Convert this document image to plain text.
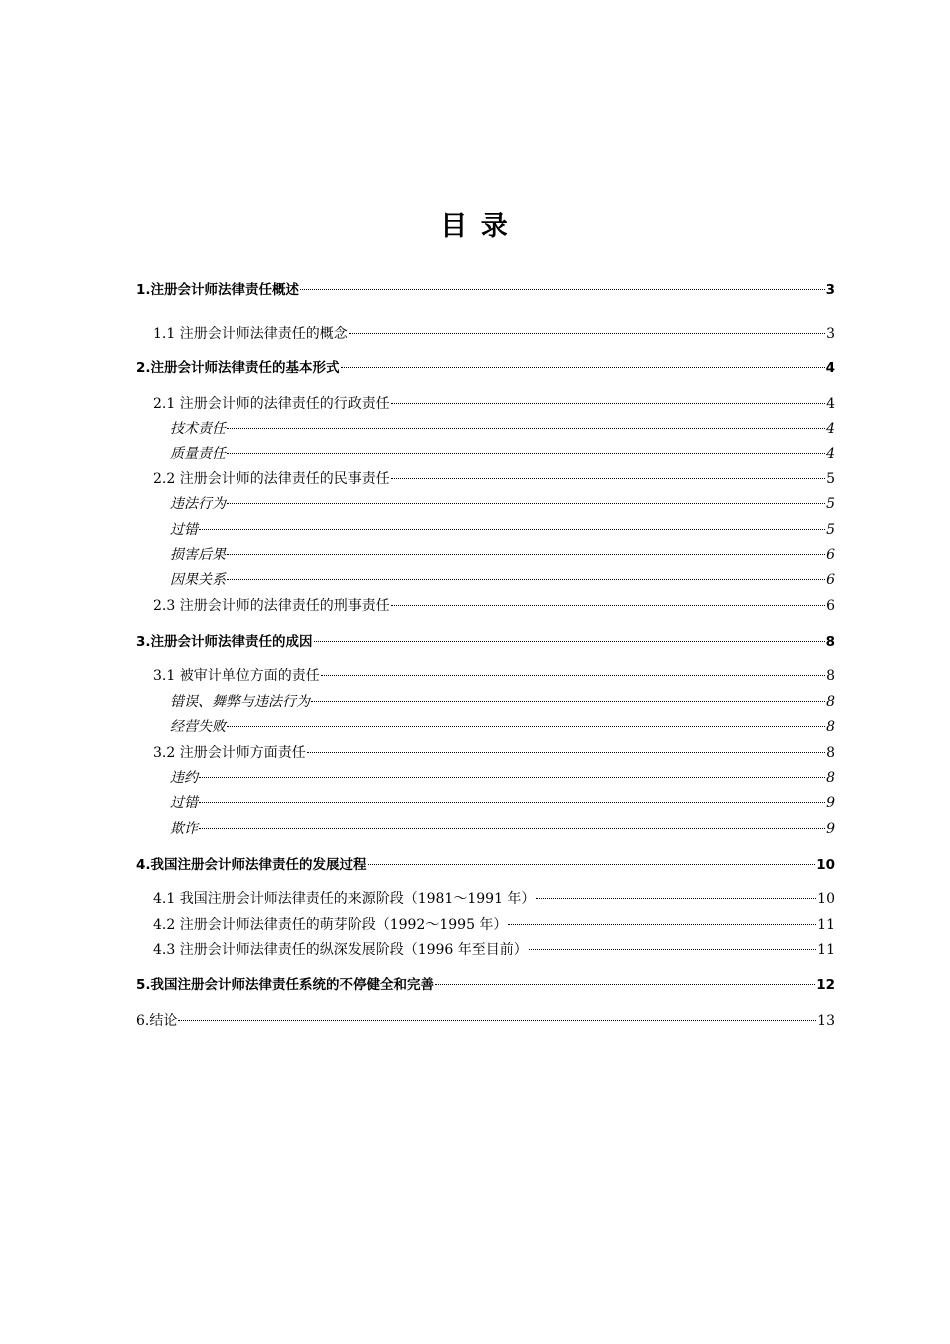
目 录
1.注册会计师法律责任概述	3
1.1 注册会计师法律责任的概念	3
2.注册会计师法律责任的基本形式	4
2.1 注册会计师的法律责任的行政责任	4
技术责任	4
质量责任	4
2.2 注册会计师的法律责任的民事责任	5
违法行为	5
过错	5
损害后果	6
因果关系	6
2.3 注册会计师的法律责任的刑事责任	6
3.注册会计师法律责任的成因	8
3.1 被审计单位方面的责任	8
错误、舞弊与违法行为	8
经营失败	8
3.2 注册会计师方面责任	8
违约	8
过错	9
欺诈	9
4.我国注册会计师法律责任的发展过程	10
4.1 我国注册会计师法律责任的来源阶段（1981～1991 年）	10
4.2 注册会计师法律责任的萌芽阶段（1992～1995 年）	11
4.3 注册会计师法律责任的纵深发展阶段（1996 年至目前）	11
5.我国注册会计师法律责任系统的不停健全和完善	12
6.结论	13
